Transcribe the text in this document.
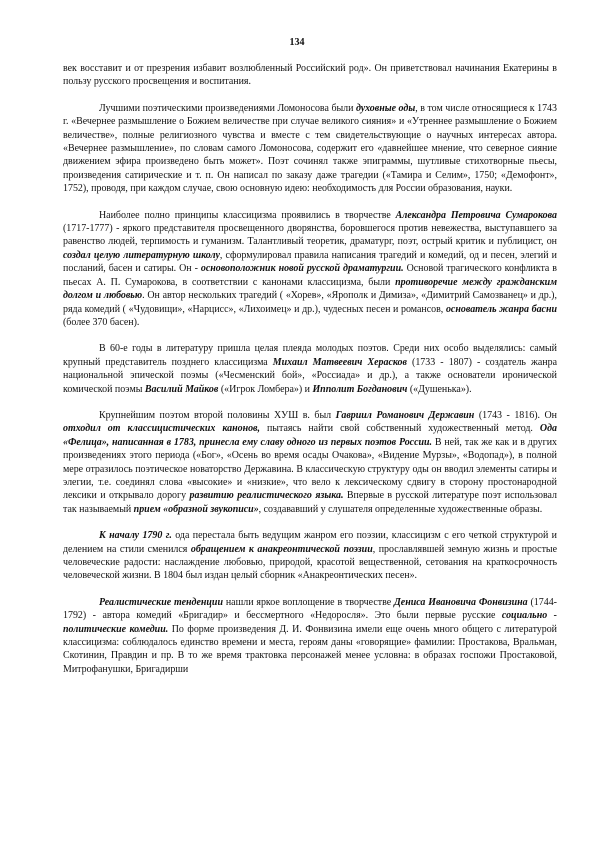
134

век восставит и от презрения избавит возлюбленный Российский род». Он приветствовал начинания Екатерины в пользу русского просвещения и воспитания.

Лучшими поэтическими произведениями Ломоносова были духовные оды, в том числе относящиеся к 1743 г. «Вечернее размышление о Божием величестве при случае великого сияния» и «Утреннее размышление о Божием величестве», полные религиозного чувства и вместе с тем свидетельствующие о научных интересах автора. «Вечернее размышление», по словам самого Ломоносова, содержит его «давнейшее мнение, что северное сияние движением эфира произведено быть может». Поэт сочинял также эпиграммы, шутливые стихотворные пьесы, произведения сатирические и т. п. Он написал по заказу даже трагедии («Тамира и Селим», 1750; «Демофонт», 1752), проводя, при каждом случае, свою основную идею: необходимость для России образования, науки.

Наиболее полно принципы классицизма проявились в творчестве Александра Петровича Сумарокова (1717-1777) - яркого представителя просвещенного дворянства, боровшегося против невежества, выступавшего за равенство людей, терпимость и гуманизм. Талантливый теоретик, драматург, поэт, острый критик и публицист, он создал целую литературную школу, сформулировал правила написания трагедий и комедий, од и песен, элегий и посланий, басен и сатиры. Он - основоположник новой русской драматургии. Основой трагического конфликта в пьесах А. П. Сумарокова, в соответствии с канонами классицизма, были противоречие между гражданским долгом и любовью. Он автор нескольких трагедий ( «Хорев», «Ярополк и Димиза», «Димитрий Самозванец» и др.), ряда комедий ( «Чудовищи», «Нарцисс», «Лихоимец» и др.), чудесных песен и романсов, основатель жанра басни (более 370 басен).

В 60-е годы в литературу пришла целая плеяда молодых поэтов. Среди них особо выделялись: самый крупный представитель позднего классицизма Михаил Матвеевич Херасков (1733 - 1807) - создатель жанра национальной эпической поэмы («Чесменский бой», «Россиада» и др.), а также основатели иронической комической поэмы Василий Майков («Игрок Ломбера») и Ипполит Богданович («Душенька»).

Крупнейшим поэтом второй половины ХУШ в. был Гавриил Романович Державин (1743 - 1816). Он отходил от классицистических канонов, пытаясь найти свой собственный художественный метод. Ода «Фелица», написанная в 1783, принесла ему славу одного из первых поэтов России. В ней, так же как и в других произведениях этого периода («Бог», «Осень во время осады Очакова», «Видение Мурзы», «Водопад»), в полной мере отразилось поэтическое новаторство Державина. В классическую структуру оды он вводил элементы сатиры и элегии, т.е. соединял слова «высокие» и «низкие», что вело к лексическому сдвигу в сторону простонародной лексики и открывало дорогу развитию реалистического языка. Впервые в русской литературе поэт использовал так называемый прием «образной звукописи», создававший у слушателя определенные художественные образы.

К началу 1790 г. ода перестала быть ведущим жанром его поэзии, классицизм с его четкой структурой и делением на стили сменился обращением к анакреонтической поэзии, прославлявшей земную жизнь и простые человеческие радости: наслаждение любовью, природой, красотой вещественной, сетования на краткосрочность человеческой жизни. В 1804 был издан целый сборник «Анакреонтических песен».

Реалистические тенденции нашли яркое воплощение в творчестве Дениса Ивановича Фонвизина (1744-1792) - автора комедий «Бригадир» и бессмертного «Недоросля». Это были первые русские социально - политические комедии. По форме произведения Д. И. Фонвизина имели еще очень много общего с литературой классицизма: соблюдалось единство времени и места, героям даны «говорящие» фамилии: Простакова, Вральман, Скотинин, Правдин и пр. В то же время трактовка персонажей менее условна: в образах госпожи Простаковой, Митрофанушки, Бригадирши
